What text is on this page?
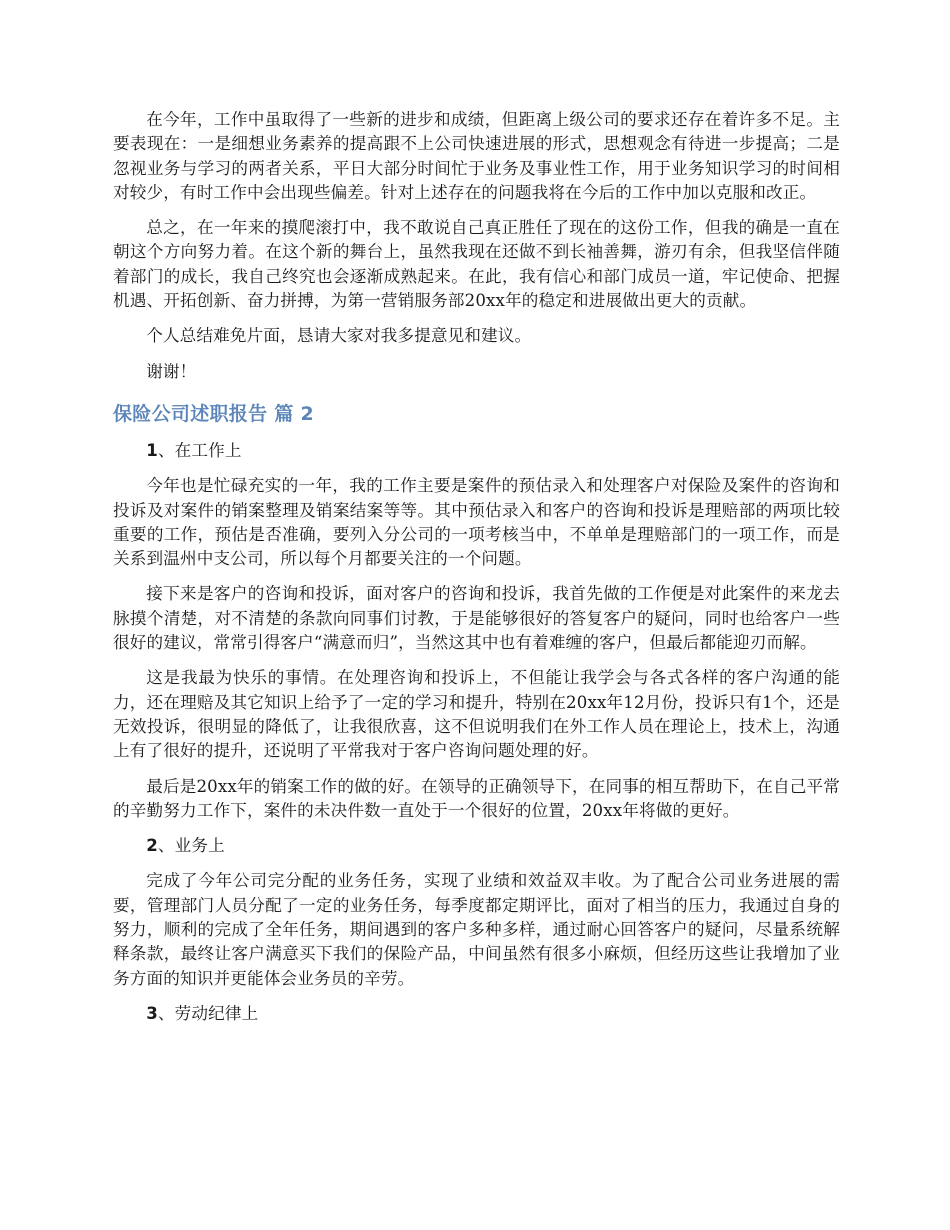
在今年，工作中虽取得了一些新的进步和成绩，但距离上级公司的要求还存在着许多不足。主要表现在：一是细想业务素养的提高跟不上公司快速进展的形式，思想观念有待进一步提高；二是忽视业务与学习的两者关系，平日大部分时间忙于业务及事业性工作，用于业务知识学习的时间相对较少，有时工作中会出现些偏差。针对上述存在的问题我将在今后的工作中加以克服和改正。

总之，在一年来的摸爬滚打中，我不敢说自己真正胜任了现在的这份工作，但我的确是一直在朝这个方向努力着。在这个新的舞台上，虽然我现在还做不到长袖善舞，游刃有余，但我坚信伴随着部门的成长，我自己终究也会逐渐成熟起来。在此，我有信心和部门成员一道，牢记使命、把握机遇、开拓创新、奋力拼搏，为第一营销服务部20xx年的稳定和进展做出更大的贡献。

个人总结难免片面，恳请大家对我多提意见和建议。

谢谢！

保险公司述职报告 篇 2

1、在工作上

今年也是忙碌充实的一年，我的工作主要是案件的预估录入和处理客户对保险及案件的咨询和投诉及对案件的销案整理及销案结案等等。其中预估录入和客户的咨询和投诉是理赔部的两项比较重要的工作，预估是否准确，要列入分公司的一项考核当中，不单单是理赔部门的一项工作，而是关系到温州中支公司，所以每个月都要关注的一个问题。

接下来是客户的咨询和投诉，面对客户的咨询和投诉，我首先做的工作便是对此案件的来龙去脉摸个清楚，对不清楚的条款向同事们讨教，于是能够很好的答复客户的疑问，同时也给客户一些很好的建议，常常引得客户“满意而归”，当然这其中也有着难缠的客户，但最后都能迎刃而解。

这是我最为快乐的事情。在处理咨询和投诉上，不但能让我学会与各式各样的客户沟通的能力，还在理赔及其它知识上给予了一定的学习和提升，特别在20xx年12月份，投诉只有1个，还是无效投诉，很明显的降低了，让我很欣喜，这不但说明我们在外工作人员在理论上，技术上，沟通上有了很好的提升，还说明了平常我对于客户咨询问题处理的好。

最后是20xx年的销案工作的做的好。在领导的正确领导下，在同事的相互帮助下，在自己平常的辛勤努力工作下，案件的未决件数一直处于一个很好的位置，20xx年将做的更好。

2、业务上

完成了今年公司完分配的业务任务，实现了业绩和效益双丰收。为了配合公司业务进展的需要，管理部门人员分配了一定的业务任务，每季度都定期评比，面对了相当的压力，我通过自身的努力，顺利的完成了全年任务，期间遇到的客户多种多样，通过耐心回答客户的疑问，尽量系统解释条款，最终让客户满意买下我们的保险产品，中间虽然有很多小麻烦，但经历这些让我增加了业务方面的知识并更能体会业务员的辛劳。

3、劳动纪律上
